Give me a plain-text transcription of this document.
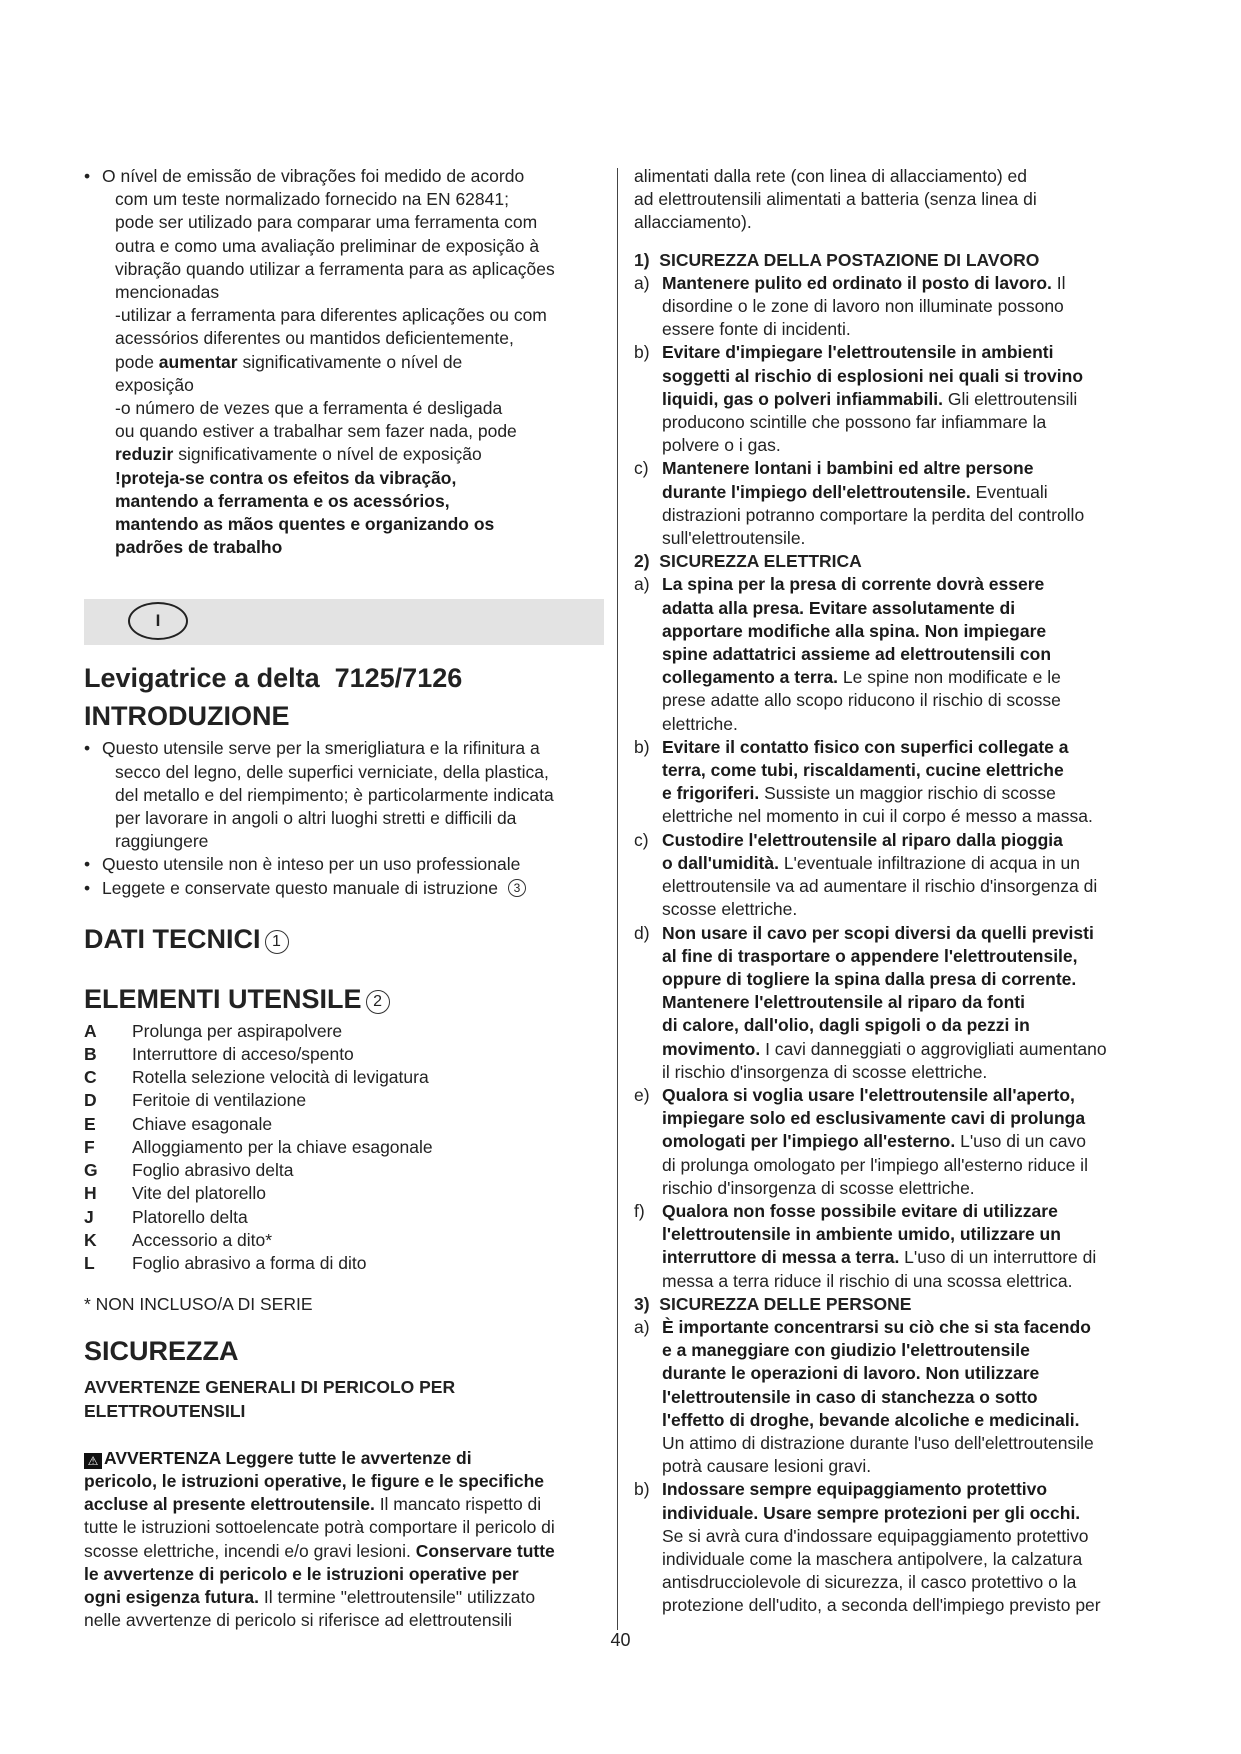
• O nível de emissão de vibrações foi medido de acordo

com um teste normalizado fornecido na EN 62841;

pode ser utilizado para comparar uma ferramenta com

outra e como uma avaliação preliminar de exposição à

vibração quando utilizar a ferramenta para as aplicações

mencionadas

-utilizar a ferramenta para diferentes aplicações ou com

acessórios diferentes ou mantidos deficientemente,

pode aumentar significativamente o nível de

exposição

-o número de vezes que a ferramenta é desligada

ou quando estiver a trabalhar sem fazer nada, pode

reduzir significativamente o nível de exposição

!proteja-se contra os efeitos da vibração,

mantendo a ferramenta e os acessórios,

mantendo as mãos quentes e organizando os

padrões de trabalho

I
Levigatrice a delta  7125/7126
INTRODUZIONE

• Questo utensile serve per la smerigliatura e la rifinitura a

secco del legno, delle superfici verniciate, della plastica,

del metallo e del riempimento; è particolarmente indicata

per lavorare in angoli o altri luoghi stretti e difficili da

raggiungere

• Questo utensile non è inteso per un uso professionale

• Leggete e conservate questo manuale di istruzione 3

DATI TECNICI 1
ELEMENTI UTENSILE 2
A	Prolunga per aspirapolvere
B	Interruttore di acceso/spento
C	Rotella selezione velocità di levigatura
D	Feritoie di ventilazione
E	Chiave esagonale
F	Alloggiamento per la chiave esagonale
G	Foglio abrasivo delta
H	Vite del platorello
J	Platorello delta
K	Accessorio a dito*
L	Foglio abrasivo a forma di dito

* NON INCLUSO/A DI SERIE

SICUREZZA

AVVERTENZE GENERALI DI PERICOLO PER

ELETTROUTENSILI

⚠ AVVERTENZA Leggere tutte le avvertenze di

pericolo, le istruzioni operative, le figure e le specifiche

accluse al presente elettroutensile. Il mancato rispetto di

tutte le istruzioni sottoelencate potrà comportare il pericolo di

scosse elettriche, incendi e/o gravi lesioni. Conservare tutte

le avvertenze di pericolo e le istruzioni operative per

ogni esigenza futura. Il termine "elettroutensile" utilizzato

nelle avvertenze di pericolo si riferisce ad elettroutensili

alimentati dalla rete (con linea di allacciamento) ed

ad elettroutensili alimentati a batteria (senza linea di

allacciamento).

1)  SICUREZZA DELLA POSTAZIONE DI LAVORO

a) Mantenere pulito ed ordinato il posto di lavoro. Il

disordine o le zone di lavoro non illuminate possono

essere fonte di incidenti.

b) Evitare d'impiegare l'elettroutensile in ambienti

soggetti al rischio di esplosioni nei quali si trovino

liquidi, gas o polveri infiammabili. Gli elettroutensili

producono scintille che possono far infiammare la

polvere o i gas.

c) Mantenere lontani i bambini ed altre persone

durante l'impiego dell'elettroutensile. Eventuali

distrazioni potranno comportare la perdita del controllo

sull'elettroutensile.

2)  SICUREZZA ELETTRICA

a) La spina per la presa di corrente dovrà essere

adatta alla presa. Evitare assolutamente di

apportare modifiche alla spina. Non impiegare

spine adattatrici assieme ad elettroutensili con

collegamento a terra. Le spine non modificate e le

prese adatte allo scopo riducono il rischio di scosse

elettriche.

b) Evitare il contatto fisico con superfici collegate a

terra, come tubi, riscaldamenti, cucine elettriche

e frigoriferi. Sussiste un maggior rischio di scosse

elettriche nel momento in cui il corpo é messo a massa.

c) Custodire l'elettroutensile al riparo dalla pioggia

o dall'umidità. L'eventuale infiltrazione di acqua in un

elettroutensile va ad aumentare il rischio d'insorgenza di

scosse elettriche.

d) Non usare il cavo per scopi diversi da quelli previsti

al fine di trasportare o appendere l'elettroutensile,

oppure di togliere la spina dalla presa di corrente.

Mantenere l'elettroutensile al riparo da fonti

di calore, dall'olio, dagli spigoli o da pezzi in

movimento. I cavi danneggiati o aggrovigliati aumentano

il rischio d'insorgenza di scosse elettriche.

e) Qualora si voglia usare l'elettroutensile all'aperto,

impiegare solo ed esclusivamente cavi di prolunga

omologati per l'impiego all'esterno. L'uso di un cavo

di prolunga omologato per l'impiego all'esterno riduce il

rischio d'insorgenza di scosse elettriche.

f) Qualora non fosse possibile evitare di utilizzare

l'elettroutensile in ambiente umido, utilizzare un

interruttore di messa a terra. L'uso di un interruttore di

messa a terra riduce il rischio di una scossa elettrica.

3)  SICUREZZA DELLE PERSONE

a) È importante concentrarsi su ciò che si sta facendo

e a maneggiare con giudizio l'elettroutensile

durante le operazioni di lavoro. Non utilizzare

l'elettroutensile in caso di stanchezza o sotto

l'effetto di droghe, bevande alcoliche e medicinali.

Un attimo di distrazione durante l'uso dell'elettroutensile

potrà causare lesioni gravi.

b) Indossare sempre equipaggiamento protettivo

individuale. Usare sempre protezioni per gli occhi.

Se si avrà cura d'indossare equipaggiamento protettivo

individuale come la maschera antipolvere, la calzatura

antisdrucciolevole di sicurezza, il casco protettivo o la

protezione dell'udito, a seconda dell'impiego previsto per

40
